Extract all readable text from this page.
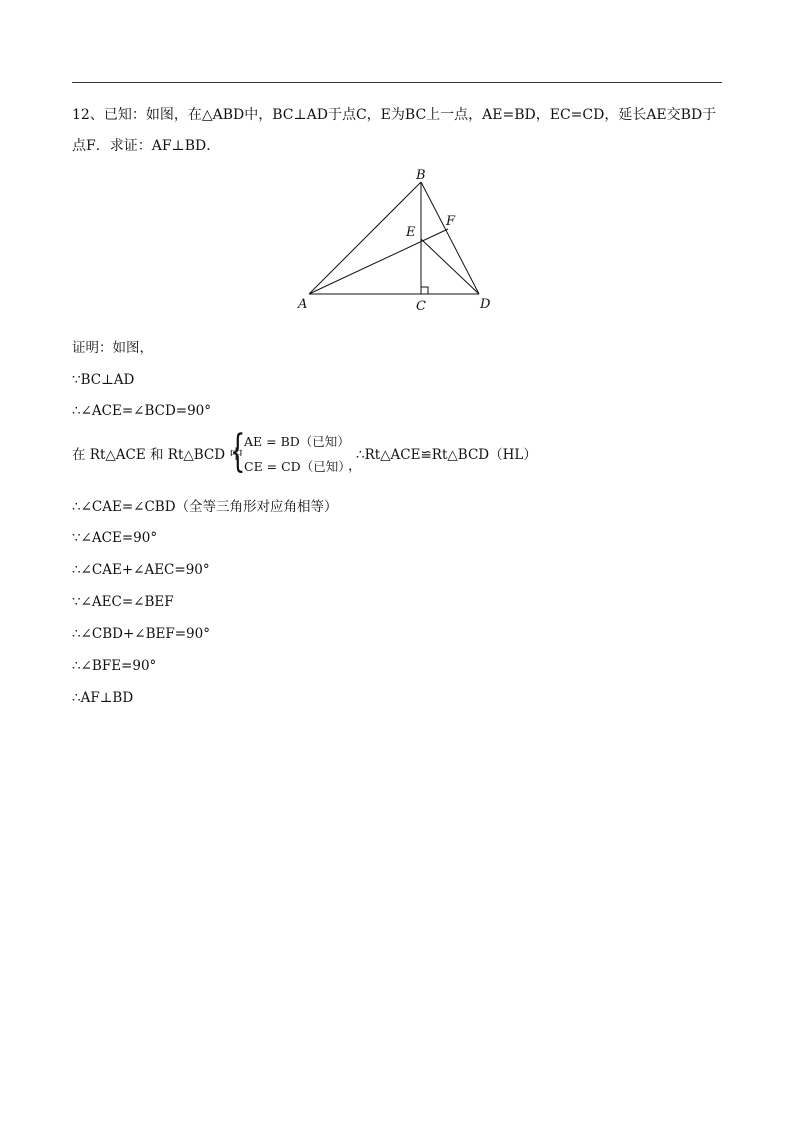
12、已知：如图，在△ABD中，BC⊥AD于点C，E为BC上一点，AE=BD，EC=CD，延长AE交BD于点F．求证：AF⊥BD．
B
F
E
A	C	D
证明：如图，
∵BC⊥AD
∴∠ACE=∠BCD=90°
在 Rt△ACE 和 Rt△BCD 中
{
AE = BD（已知）
CE = CD（已知）
，
∴Rt△ACE≌Rt△BCD（HL）
∴∠CAE=∠CBD（全等三角形对应角相等）
∵∠ACE=90°
∴∠CAE+∠AEC=90°
∵∠AEC=∠BEF
∴∠CBD+∠BEF=90°
∴∠BFE=90°
∴AF⊥BD
